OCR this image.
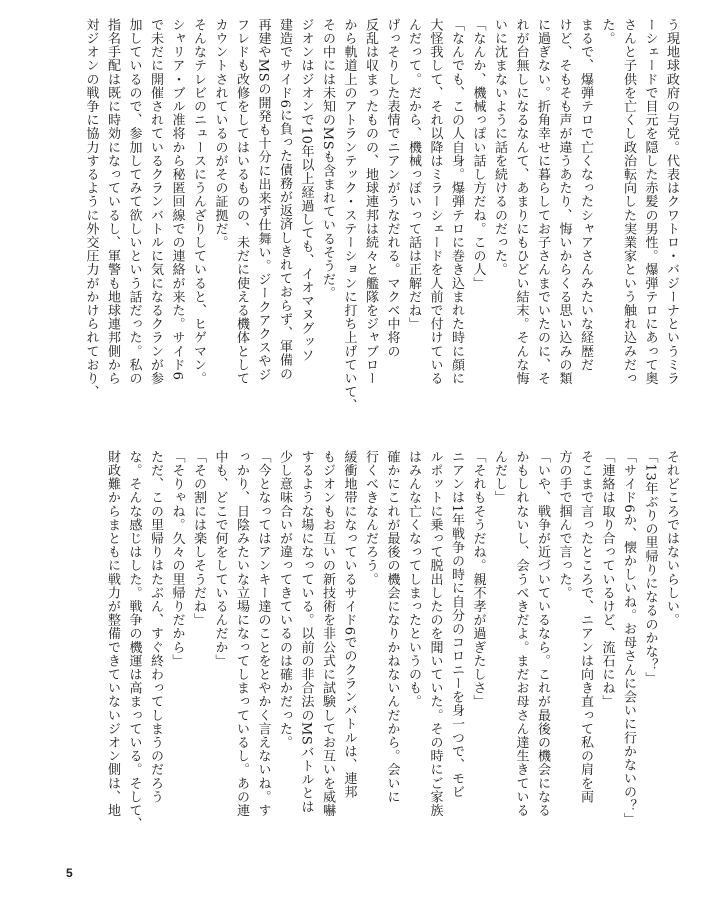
う現地球政府の与党。代表はクワトロ・バジーナというミラ

ーシェードで目元を隠した赤髪の男性。爆弾テロにあって奥

さんと子供を亡くし政治転向した実業家という触れ込みだっ

た。

まるで、爆弾テロで亡くなったシャアさんみたいな経歴だ

けど、そもそも声が違うあたり、悔いからくる思い込みの類

に過ぎない。折角幸せに暮らしてお子さんまでいたのに、そ

れが台無しになるなんて、あまりにもひどい結末。そんな悔

いに沈まないように話を続けるのだった。

「なんか、機械っぽい話し方だね。この人」

「なんでも、この人自身。爆弾テロに巻き込まれた時に顔に

大怪我して、それ以降はミラーシェードを人前で付けている

んだって。だから、機械っぽいって話は正解だね」

げっそりした表情でニアンがうなだれる。マクベ中将の

反乱は収まったものの、地球連邦は続々と艦隊をジャブロー

から軌道上のアトランテック・ステーションに打ち上げていて、

その中には未知のMSも含まれているそうだ。

ジオンはジオンで10年以上経過しても、イオマヌグッソ

建造でサイド6に負った債務が返済しきれておらず、軍備の

再建やMSの開発も十分に出来ず仕舞い。ジークアクスやジ

フレドも改修をしてはいるものの、未だに使える機体として

カウントされているのがその証拠だ。

そんなテレビのニュースにうんざりしていると、ヒゲマン。

シャリア・ブル准将から秘匿回線での連絡が来た。サイド6

で未だに開催されているクランバトルに気になるクランが参

加しているので、参加してみて欲しいという話だった。私の

指名手配は既に時効になっているし、軍警も地球連邦側から

対ジオンの戦争に協力するように外交圧力がかけられており、

それどころではないらしい。

「13年ぶりの里帰りになるのかな？」

「サイド6か、懐かしいね。お母さんに会いに行かないの？」

「連絡は取り合っているけど、流石にね」

そこまで言ったところで、ニアンは向き直って私の肩を両

方の手で掴んで言った。

「いや、戦争が近づいているなら。これが最後の機会になる

かもしれないし、会うべきだよ。まだお母さん達生きている

んだし」

「それもそうだね。親不孝が過ぎたしさ」

ニアンは1年戦争の時に自分のコロニーを身一つで、モビ

ルポットに乗って脱出したのを聞いていた。その時にご家族

はみんな亡くなってしまったというのも。

確かにこれが最後の機会になりかねないんだから。会いに

行くべきなんだろう。

緩衝地帯になっているサイド6でのクランバトルは、連邦

もジオンもお互いの新技術を非公式に試験してお互いを威嚇

するような場になっている。以前の非合法のMSバトルとは

少し意味合いが違ってきているのは確かだった。

「今となってはアンキー達のことをとやかく言えないね。す

っかり、日陰みたいな立場になってしまっているし。あの連

中も、どこで何をしているんだか」

「その割には楽しそうだね」

「そりゃね。久々の里帰りだから」

ただ、この里帰りはたぶん、すぐ終わってしまうのだろう

な。そんな感じはした。戦争の機運は高まっている。そして、

財政難からまともに戦力が整備できていないジオン側は、地

5
